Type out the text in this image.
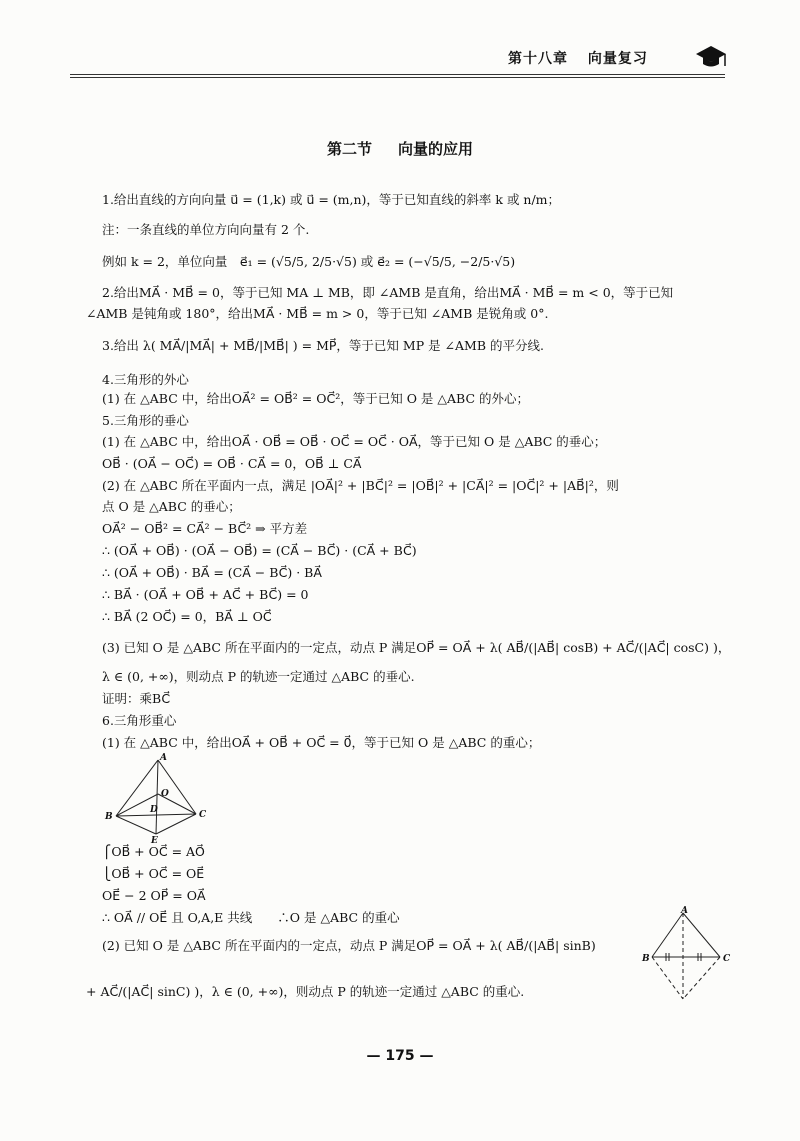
第十八章 向量复习
第二节 向量的应用
1.给出直线的方向向量 u⃗ = (1,k) 或 u⃗ = (m,n)，等于已知直线的斜率 k 或 n/m；
注：一条直线的单位方向向量有 2 个.
例如 k = 2，单位向量　e⃗₁ = (√5/5, 2/5·√5) 或 e⃗₂ = (−√5/5, −2/5·√5)
2.给出MA⃗ · MB⃗ = 0，等于已知 MA ⊥ MB，即 ∠AMB 是直角，给出MA⃗ · MB⃗ = m < 0，等于已知
∠AMB 是钝角或 180°，给出MA⃗ · MB⃗ = m > 0，等于已知 ∠AMB 是锐角或 0°.
3.给出 λ( MA⃗/|MA⃗| + MB⃗/|MB⃗| ) = MP⃗，等于已知 MP 是 ∠AMB 的平分线.
4.三角形的外心
(1) 在 △ABC 中，给出OA⃗² = OB⃗² = OC⃗²，等于已知 O 是 △ABC 的外心；
5.三角形的垂心
(1) 在 △ABC 中，给出OA⃗ · OB⃗ = OB⃗ · OC⃗ = OC⃗ · OA⃗，等于已知 O 是 △ABC 的垂心；
OB⃗ · (OA⃗ − OC⃗) = OB⃗ · CA⃗ = 0，OB⃗ ⊥ CA⃗
(2) 在 △ABC 所在平面内一点，满足 |OA⃗|² + |BC⃗|² = |OB⃗|² + |CA⃗|² = |OC⃗|² + |AB⃗|²，则
点 O 是 △ABC 的垂心；
OA⃗² − OB⃗² = CA⃗² − BC⃗² ⇒ 平方差
∴ (OA⃗ + OB⃗) · (OA⃗ − OB⃗) = (CA⃗ − BC⃗) · (CA⃗ + BC⃗)
∴ (OA⃗ + OB⃗) · BA⃗ = (CA⃗ − BC⃗) · BA⃗
∴ BA⃗ · (OA⃗ + OB⃗ + AC⃗ + BC⃗) = 0
∴ BA⃗ (2 OC⃗) = 0，BA⃗ ⊥ OC⃗
(3) 已知 O 是 △ABC 所在平面内的一定点，动点 P 满足OP⃗ = OA⃗ + λ( AB⃗/(|AB⃗| cosB) + AC⃗/(|AC⃗| cosC) )，
λ ∈ (0, +∞)，则动点 P 的轨迹一定通过 △ABC 的垂心.
证明：乘BC⃗
6.三角形重心
(1) 在 △ABC 中，给出OA⃗ + OB⃗ + OC⃗ = 0⃗，等于已知 O 是 △ABC 的重心；
A
B	C
O
D
E
⎧OB⃗ + OC⃗ = AO⃗
⎩OB⃗ + OC⃗ = OE⃗
OE⃗ − 2 OP⃗ = OA⃗
∴ OA⃗ // OE⃗ 且 O,A,E 共线　　∴O 是 △ABC 的重心
(2) 已知 O 是 △ABC 所在平面内的一定点，动点 P 满足OP⃗ = OA⃗ + λ( AB⃗/(|AB⃗| sinB)
+ AC⃗/(|AC⃗| sinC) )，λ ∈ (0, +∞)，则动点 P 的轨迹一定通过 △ABC 的重心.
A
B	C
— 175 —
